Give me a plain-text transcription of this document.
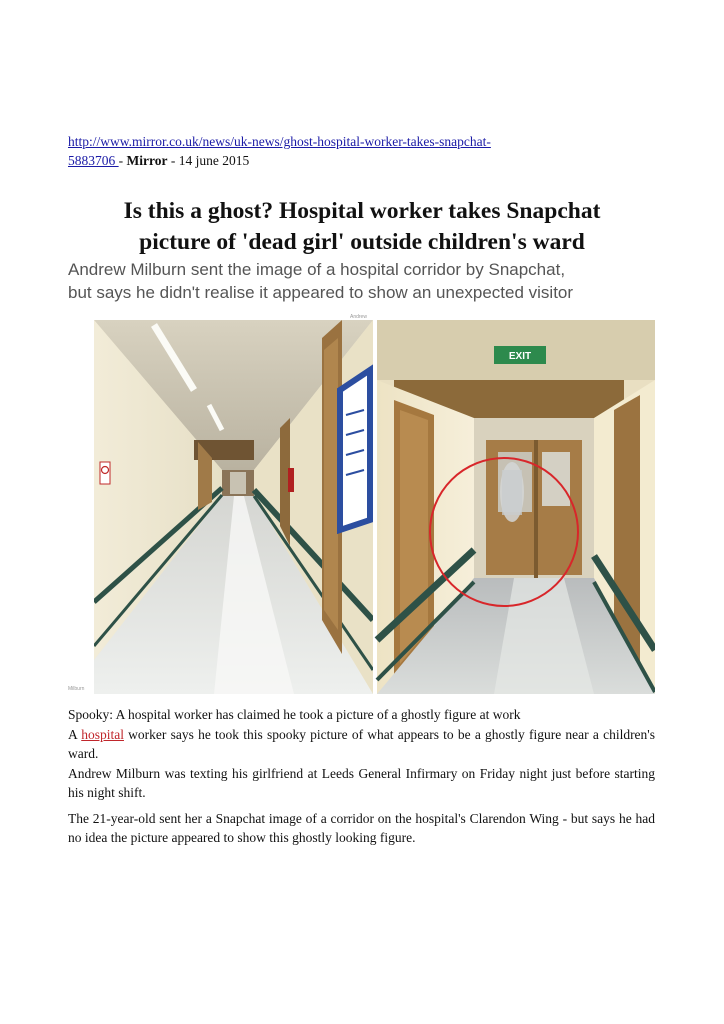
http://www.mirror.co.uk/news/uk-news/ghost-hospital-worker-takes-snapchat-
5883706 - Mirror - 14 june 2015
Is this a ghost? Hospital worker takes Snapchat
picture of 'dead girl' outside children's ward
Andrew Milburn sent the image of a hospital corridor by Snapchat,
but says he didn't realise it appeared to show an unexpected visitor
EXIT
Milburn
Andrew

Spooky: A hospital worker has claimed he took a picture of a ghostly figure at work

A hospital worker says he took this spooky picture of what appears to be a ghostly figure near a children's ward.

Andrew Milburn was texting his girlfriend at Leeds General Infirmary on Friday night just before starting his night shift.

The 21-year-old sent her a Snapchat image of a corridor on the hospital's Clarendon Wing - but says he had no idea the picture appeared to show this ghostly looking figure.
